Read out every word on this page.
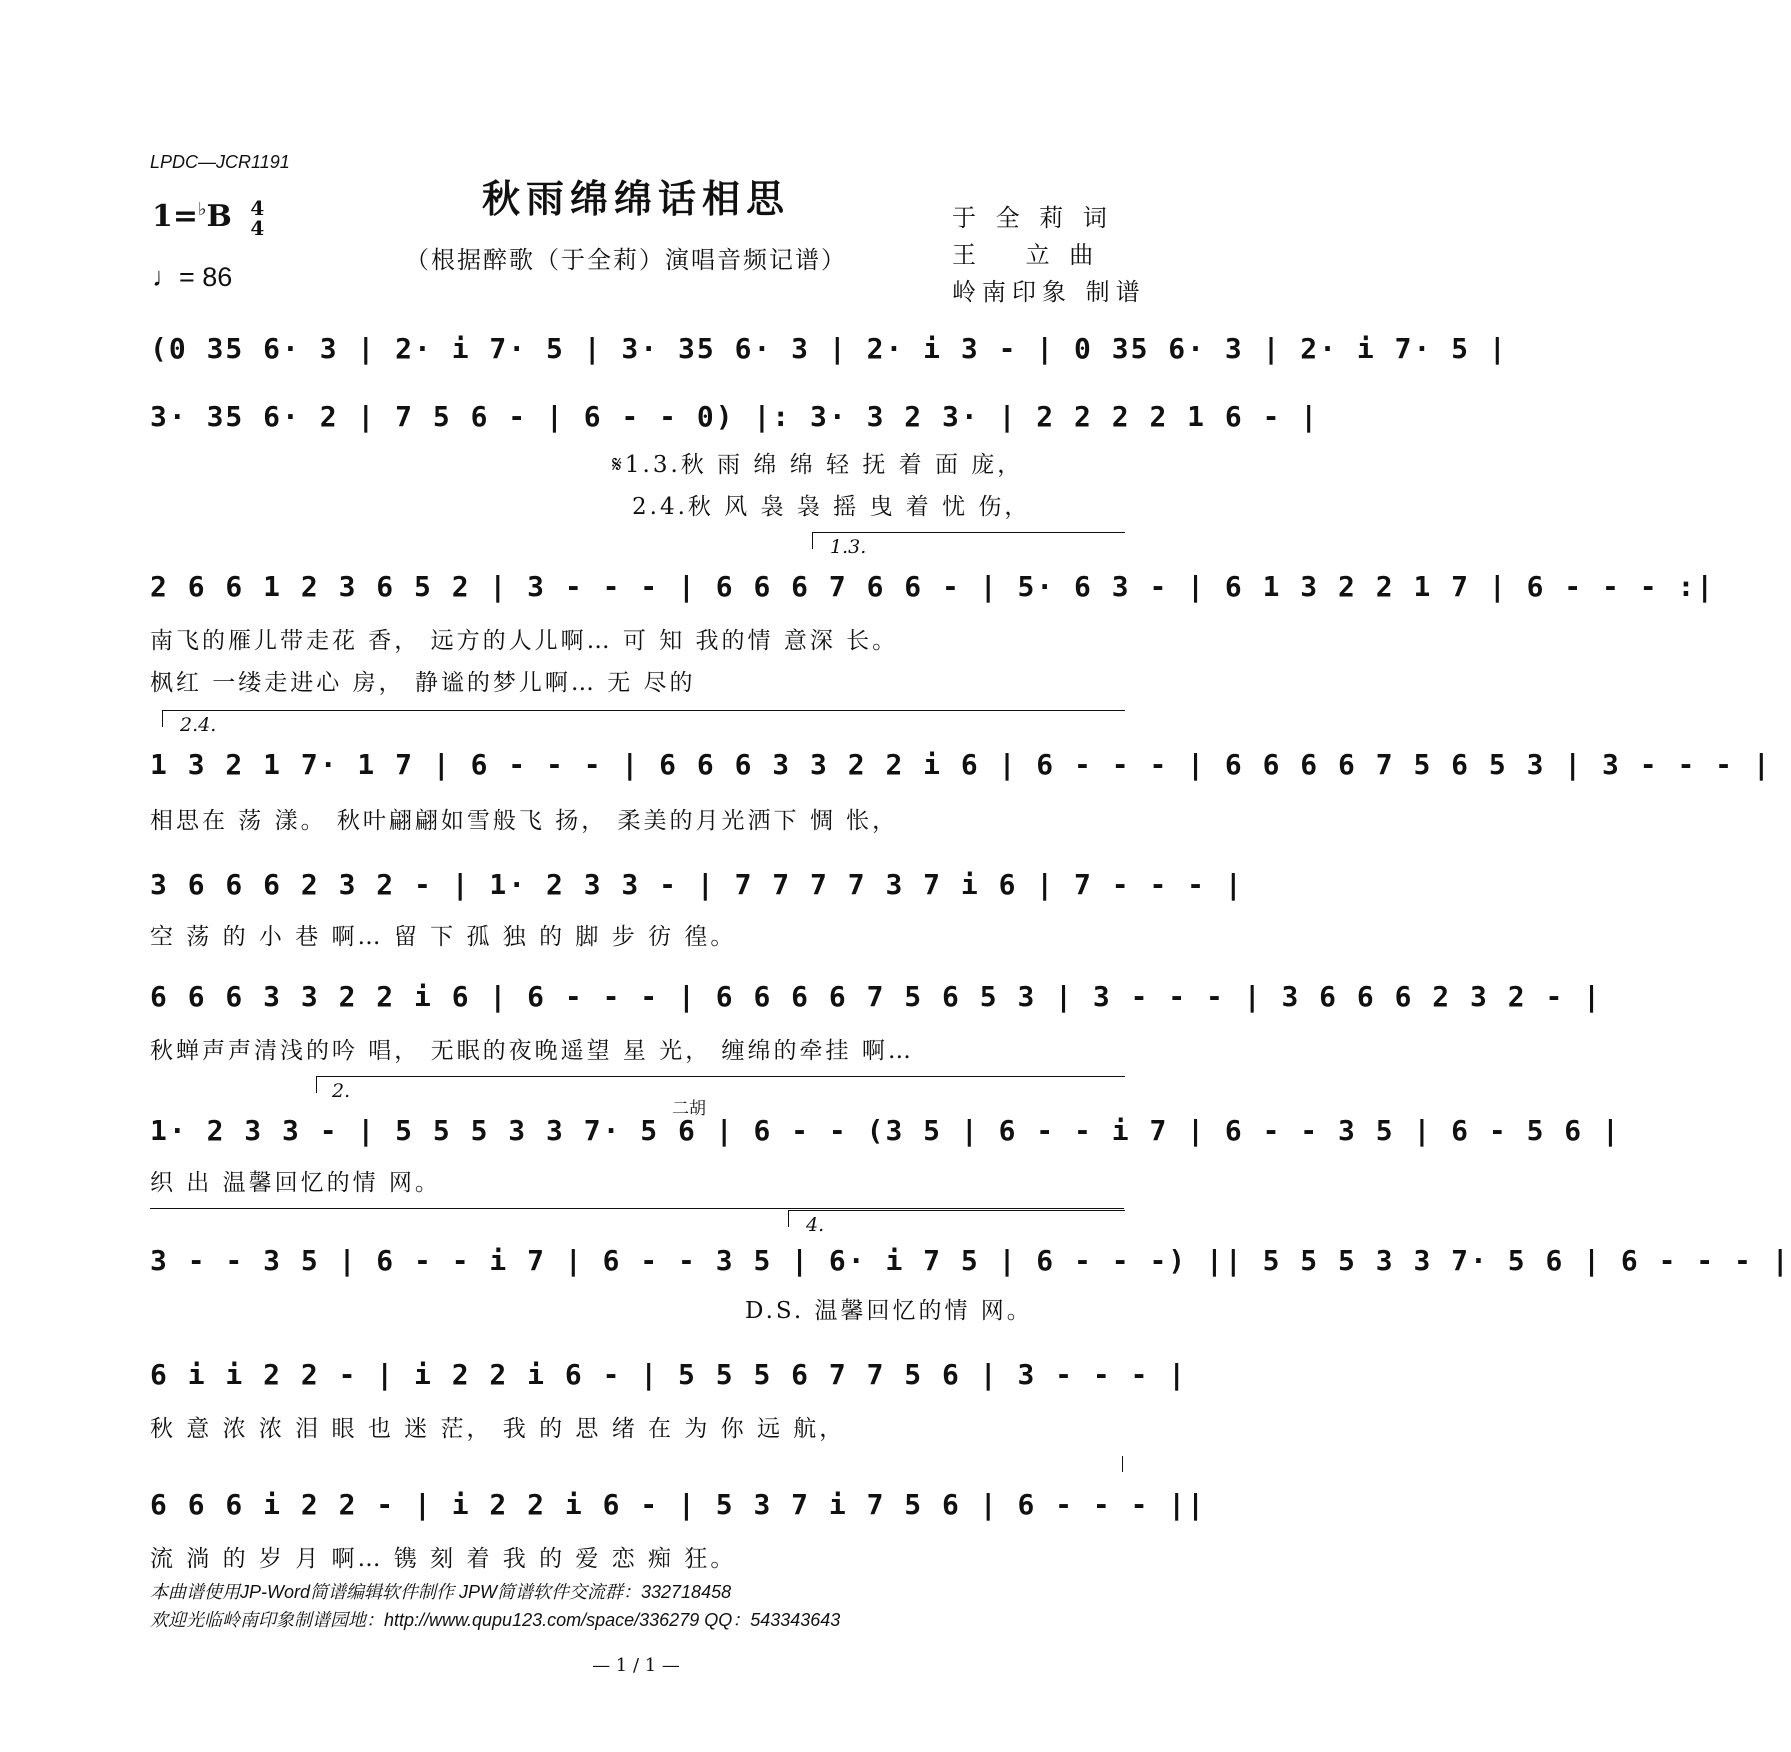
LPDC—JCR1191
秋雨绵绵话相思
（根据醉歌（于全莉）演唱音频记谱）
于 全 莉 词
王　 立 曲
岭南印象 制谱
1=♭B 4
4
♩= 86
(0 35 6· 3 | 2· i 7· 5 | 3· 35 6· 3 | 2· i 3 - | 0 35 6· 3 | 2· i 7· 5 |
3· 35 6· 2 | 7 5 6 - | 6 - - 0) |: 3· 3 2 3· | 2 2 2 2 1 6 - |
𝄋1.3.秋 雨 绵 绵 轻 抚 着 面 庞，
2.4.秋 风 袅 袅 摇 曳 着 忧 伤，
1.3.
2 6 6 1 2 3 6 5 2 | 3 - - - | 6 6 6 7 6 6 - | 5· 6 3 - | 6 1 3 2 2 1 7 | 6 - - - :|
南飞的雁儿带走花 香， 远方的人儿啊… 可 知 我的情 意深 长。
枫红 一缕走进心 房， 静谧的梦儿啊… 无 尽的
2.4.
1 3 2 1 7· 1 7 | 6 - - - | 6 6 6 3 3 2 2 i 6 | 6 - - - | 6 6 6 6 7 5 6 5 3 | 3 - - - |
相思在 荡 漾。 秋叶翩翩如雪般飞 扬， 柔美的月光洒下 惆 怅，
3 6 6 6 2 3 2 - | 1· 2 3 3 - | 7 7 7 7 3 7 i 6 | 7 - - - |
空 荡 的 小 巷 啊… 留 下 孤 独 的 脚 步 彷 徨。
6 6 6 3 3 2 2 i 6 | 6 - - - | 6 6 6 6 7 5 6 5 3 | 3 - - - | 3 6 6 6 2 3 2 - |
秋蝉声声清浅的吟 唱， 无眠的夜晚遥望 星 光， 缠绵的牵挂 啊…
2.
二胡
1· 2 3 3 - | 5 5 5 3 3 7· 5 6 | 6 - - (3 5 | 6 - - i 7 | 6 - - 3 5 | 6 - 5 6 |
织 出 温馨回忆的情 网。
4.
3 - - 3 5 | 6 - - i 7 | 6 - - 3 5 | 6· i 7 5 | 6 - - -) || 5 5 5 3 3 7· 5 6 | 6 - - - |
D.S. 温馨回忆的情 网。
6 i i 2 2 - | i 2 2 i 6 - | 5 5 5 6 7 7 5 6 | 3 - - - |
秋 意 浓 浓 泪 眼 也 迷 茫， 我 的 思 绪 在 为 你 远 航，
6 6 6 i 2 2 - | i 2 2 i 6 - | 5 3 7 i 7 5 6 | 6 - - - ||
流 淌 的 岁 月 啊… 镌 刻 着 我 的 爱 恋 痴 狂。
本曲谱使用JP-Word简谱编辑软件制作 JPW简谱软件交流群：332718458
欢迎光临岭南印象制谱园地：http://www.qupu123.com/space/336279 QQ：543343643
— 1 / 1 —
